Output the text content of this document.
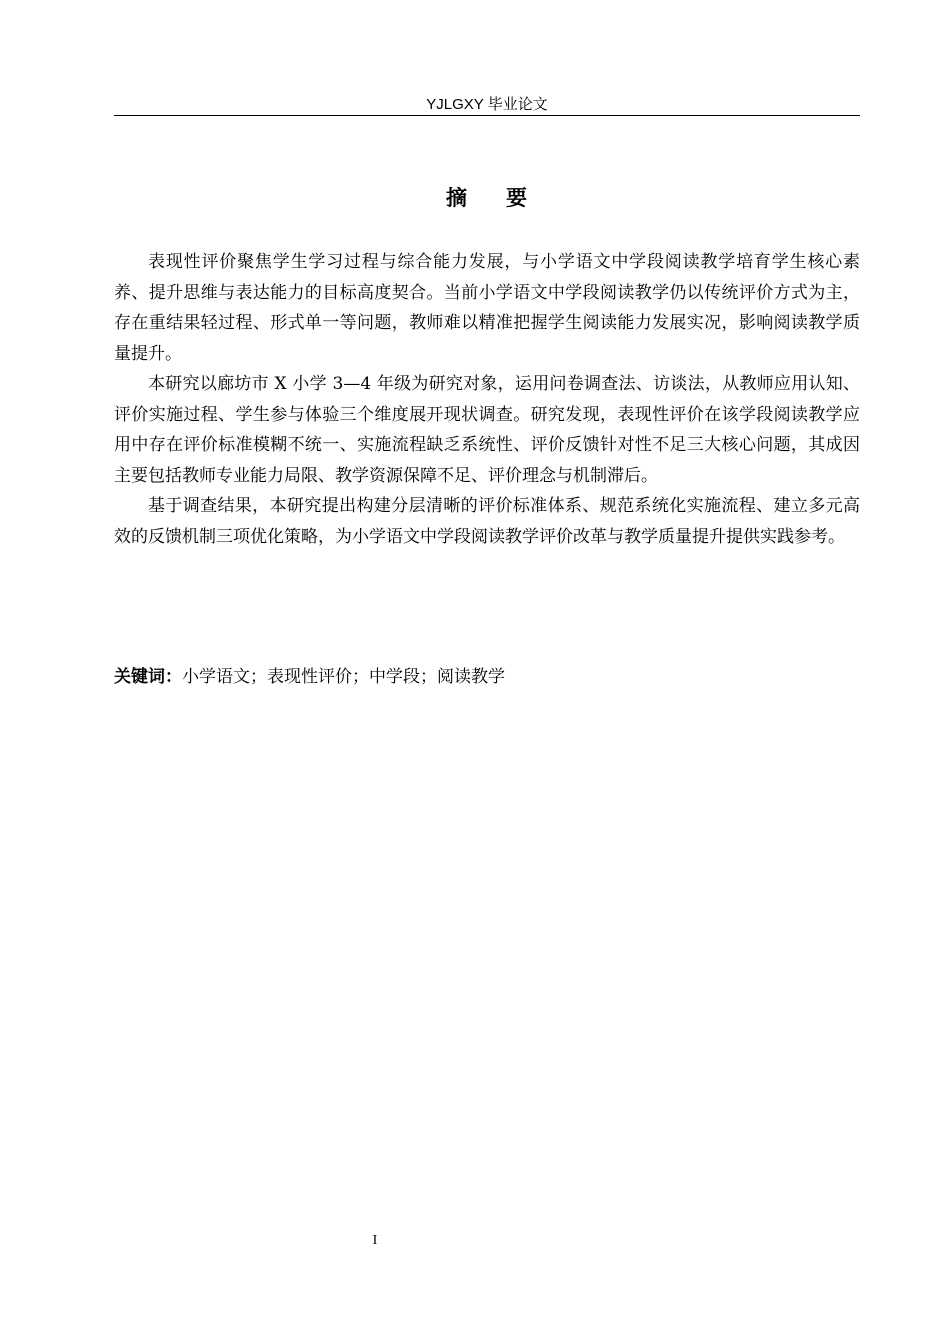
YJLGXY 毕业论文
摘 要

表现性评价聚焦学生学习过程与综合能力发展，与小学语文中学段阅读教学培育学生核心素养、提升思维与表达能力的目标高度契合。当前小学语文中学段阅读教学仍以传统评价方式为主，存在重结果轻过程、形式单一等问题，教师难以精准把握学生阅读能力发展实况，影响阅读教学质量提升。

本研究以廊坊市 X 小学 3—4 年级为研究对象，运用问卷调查法、访谈法，从教师应用认知、评价实施过程、学生参与体验三个维度展开现状调查。研究发现，表现性评价在该学段阅读教学应用中存在评价标准模糊不统一、实施流程缺乏系统性、评价反馈针对性不足三大核心问题，其成因主要包括教师专业能力局限、教学资源保障不足、评价理念与机制滞后。

基于调查结果，本研究提出构建分层清晰的评价标准体系、规范系统化实施流程、建立多元高效的反馈机制三项优化策略，为小学语文中学段阅读教学评价改革与教学质量提升提供实践参考。

关键词：小学语文；表现性评价；中学段；阅读教学
I
